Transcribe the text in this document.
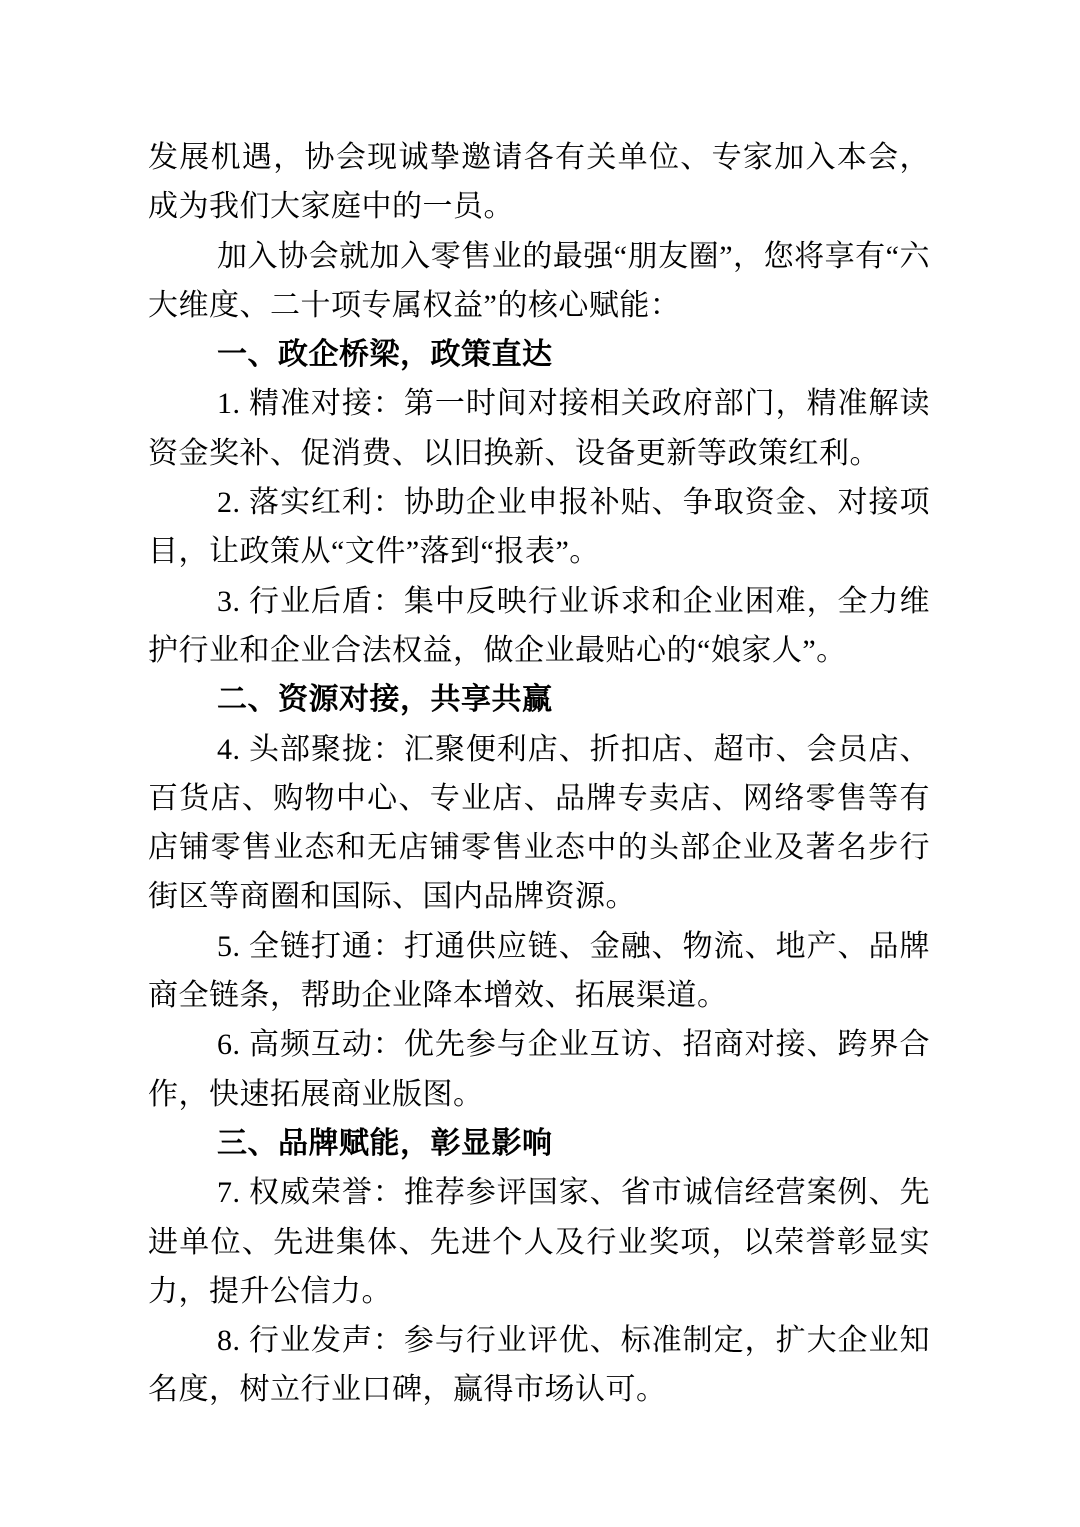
发展机遇，协会现诚挚邀请各有关单位、专家加入本会，成为我们大家庭中的一员。

加入协会就加入零售业的最强“朋友圈”，您将享有“六大维度、二十项专属权益”的核心赋能：

一、政企桥梁，政策直达

1. 精准对接：第一时间对接相关政府部门，精准解读资金奖补、促消费、以旧换新、设备更新等政策红利。

2. 落实红利：协助企业申报补贴、争取资金、对接项目，让政策从“文件”落到“报表”。

3. 行业后盾：集中反映行业诉求和企业困难，全力维护行业和企业合法权益，做企业最贴心的“娘家人”。

二、资源对接，共享共赢

4. 头部聚拢：汇聚便利店、折扣店、超市、会员店、百货店、购物中心、专业店、品牌专卖店、网络零售等有店铺零售业态和无店铺零售业态中的头部企业及著名步行街区等商圈和国际、国内品牌资源。

5. 全链打通：打通供应链、金融、物流、地产、品牌商全链条，帮助企业降本增效、拓展渠道。

6. 高频互动：优先参与企业互访、招商对接、跨界合作，快速拓展商业版图。

三、品牌赋能，彰显影响

7. 权威荣誉：推荐参评国家、省市诚信经营案例、先进单位、先进集体、先进个人及行业奖项，以荣誉彰显实力，提升公信力。

8. 行业发声：参与行业评优、标准制定，扩大企业知名度，树立行业口碑，赢得市场认可。
